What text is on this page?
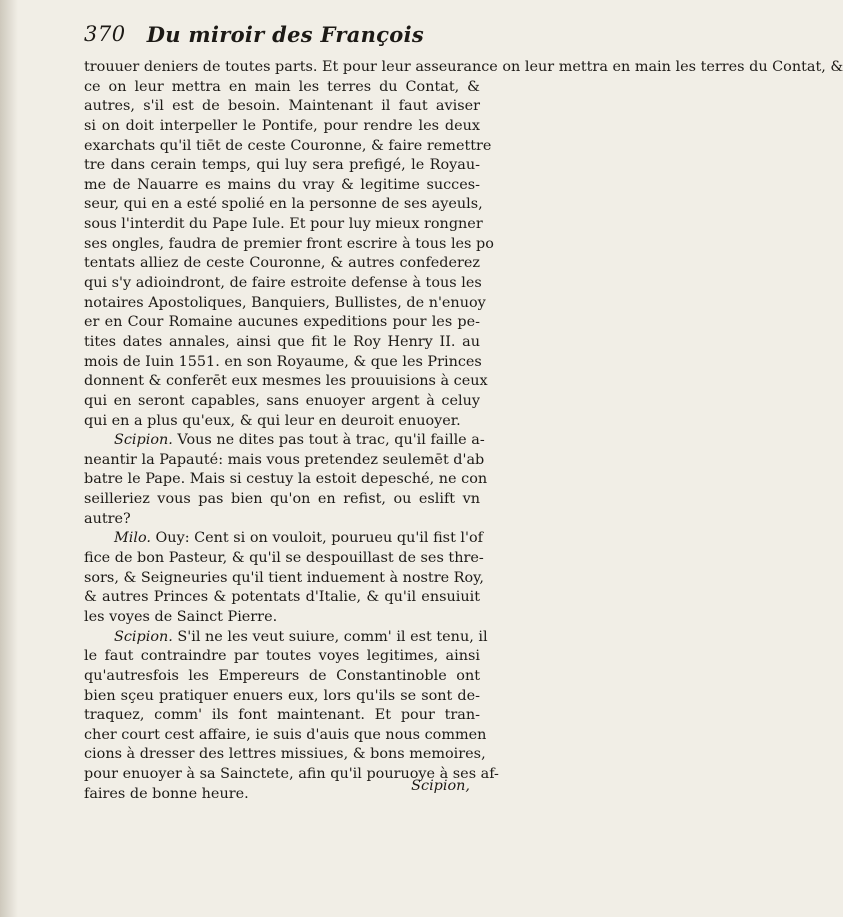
370 Du miroir des François
trouuer deniers de toutes parts. Et pour leur asseurance on leur mettra en main les terres du Contat, &
ce on leur mettra en main les terres du Contat, &
autres, s'il est de besoin. Maintenant il faut aviser
si on doit interpeller le Pontife, pour rendre les deux
exarchats qu'il tiēt de ceste Couronne, & faire remettre
tre dans cerain temps, qui luy sera prefigé, le Royau-
me de Nauarre es mains du vray & legitime succes-
seur, qui en a esté spolié en la personne de ses ayeuls,
sous l'interdit du Pape Iule. Et pour luy mieux rongner
ses ongles, faudra de premier front escrire à tous les po
tentats alliez de ceste Couronne, & autres confederez
qui s'y adioindront, de faire estroite defense à tous les
notaires Apostoliques, Banquiers, Bullistes, de n'enuoy
er en Cour Romaine aucunes expeditions pour les pe-
tites dates annales, ainsi que fit le Roy Henry II. au
mois de Iuin 1551. en son Royaume, & que les Princes
donnent & conferēt eux mesmes les prouuisions à ceux
qui en seront capables, sans enuoyer argent à celuy
qui en a plus qu'eux, & qui leur en deuroit enuoyer.
Scipion. Vous ne dites pas tout à trac, qu'il faille a-
neantir la Papauté: mais vous pretendez seulemēt d'ab
batre le Pape. Mais si cestuy la estoit depesché, ne con
seilleriez vous pas bien qu'on en refist, ou eslift vn
autre?
Milo. Ouy: Cent si on vouloit, pourueu qu'il fist l'of
fice de bon Pasteur, & qu'il se despouillast de ses thre-
sors, & Seigneuries qu'il tient induement à nostre Roy,
& autres Princes & potentats d'Italie, & qu'il ensuiuit
les voyes de Sainct Pierre.
Scipion. S'il ne les veut suiure, comm' il est tenu, il
le faut contraindre par toutes voyes legitimes, ainsi
qu'autresfois les Empereurs de Constantinoble ont
bien sçeu pratiquer enuers eux, lors qu'ils se sont de-
traquez, comm' ils font maintenant. Et pour tran-
cher court cest affaire, ie suis d'auis que nous commen
cions à dresser des lettres missiues, & bons memoires,
pour enuoyer à sa Sainctete, afin qu'il pouruoye à ses af-
faires de bonne heure.	Scipion,
